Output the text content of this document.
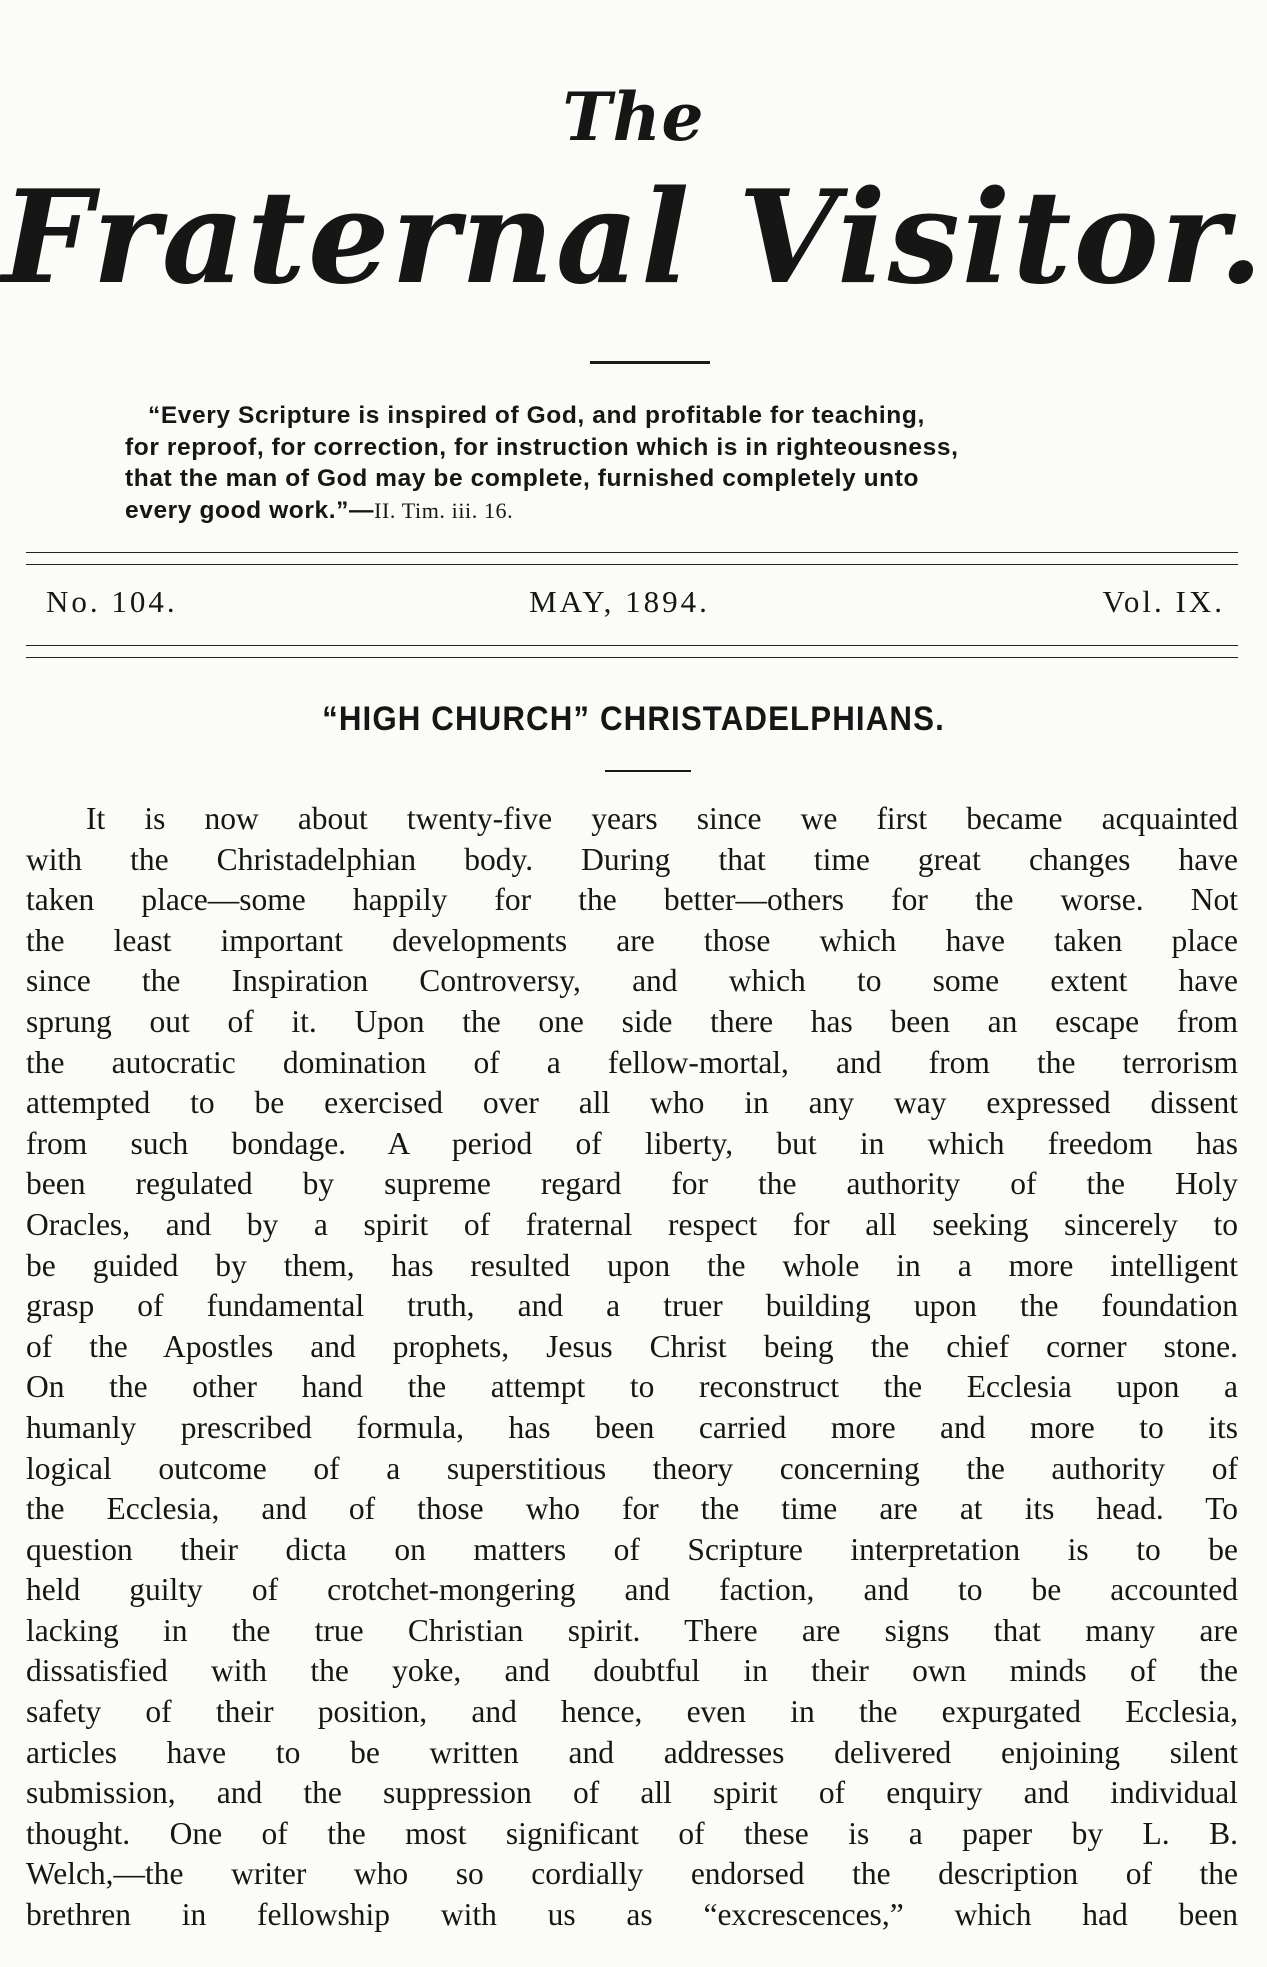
The
Fraternal Visitor.
“Every Scripture is inspired of God, and profitable for teaching,
for reproof, for correction, for instruction which is in righteousness,
that the man of God may be complete, furnished completely unto
every good work.”—II. Tim. iii. 16.
No. 104.	MAY, 1894.	Vol. IX.
“HIGH CHURCH” CHRISTADELPHIANS.
It is now about twenty-five years since we first became acquainted
with the Christadelphian body. During that time great changes have
taken place—some happily for the better—others for the worse. Not
the least important developments are those which have taken place
since the Inspiration Controversy, and which to some extent have
sprung out of it. Upon the one side there has been an escape from
the autocratic domination of a fellow-mortal, and from the terrorism
attempted to be exercised over all who in any way expressed dissent
from such bondage. A period of liberty, but in which freedom has
been regulated by supreme regard for the authority of the Holy
Oracles, and by a spirit of fraternal respect for all seeking sincerely to
be guided by them, has resulted upon the whole in a more intelligent
grasp of fundamental truth, and a truer building upon the foundation
of the Apostles and prophets, Jesus Christ being the chief corner stone.
On the other hand the attempt to reconstruct the Ecclesia upon a
humanly prescribed formula, has been carried more and more to its
logical outcome of a superstitious theory concerning the authority of
the Ecclesia, and of those who for the time are at its head. To
question their dicta on matters of Scripture interpretation is to be
held guilty of crotchet-mongering and faction, and to be accounted
lacking in the true Christian spirit. There are signs that many are
dissatisfied with the yoke, and doubtful in their own minds of the
safety of their position, and hence, even in the expurgated Ecclesia,
articles have to be written and addresses delivered enjoining silent
submission, and the suppression of all spirit of enquiry and individual
thought. One of the most significant of these is a paper by L. B.
Welch,—the writer who so cordially endorsed the description of the
brethren in fellowship with us as “excrescences,” which had been
